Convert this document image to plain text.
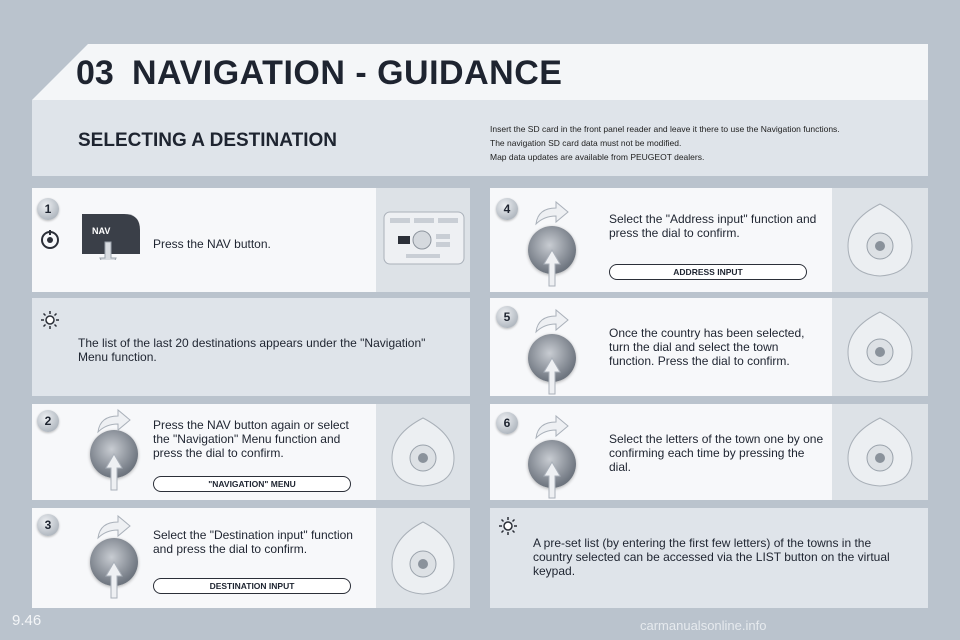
03 NAVIGATION - GUIDANCE
SELECTING A DESTINATION
Insert the SD card in the front panel reader and leave it there to use the Navigation functions.
The navigation SD card data must not be modified.
Map data updates are available from PEUGEOT dealers.
1
NAV
Press the NAV button.
The list of the last 20 destinations appears under the "Navigation" Menu function.
2	Press the NAV button again or select the "Navigation" Menu function and press the dial to confirm.
"NAVIGATION" MENU
3
Select the "Destination input" function and press the dial to confirm.
DESTINATION INPUT
4
Select the "Address input" function and press the dial to confirm.
ADDRESS INPUT
5
Once the country has been selected, turn the dial and select the town function. Press the dial to confirm.
6
Select the letters of the town one by one confirming each time by pressing the dial.
A pre-set list (by entering the first few letters) of the towns in the country selected can be accessed via the LIST button on the virtual keypad.
9.46	carmanualsonline.info
